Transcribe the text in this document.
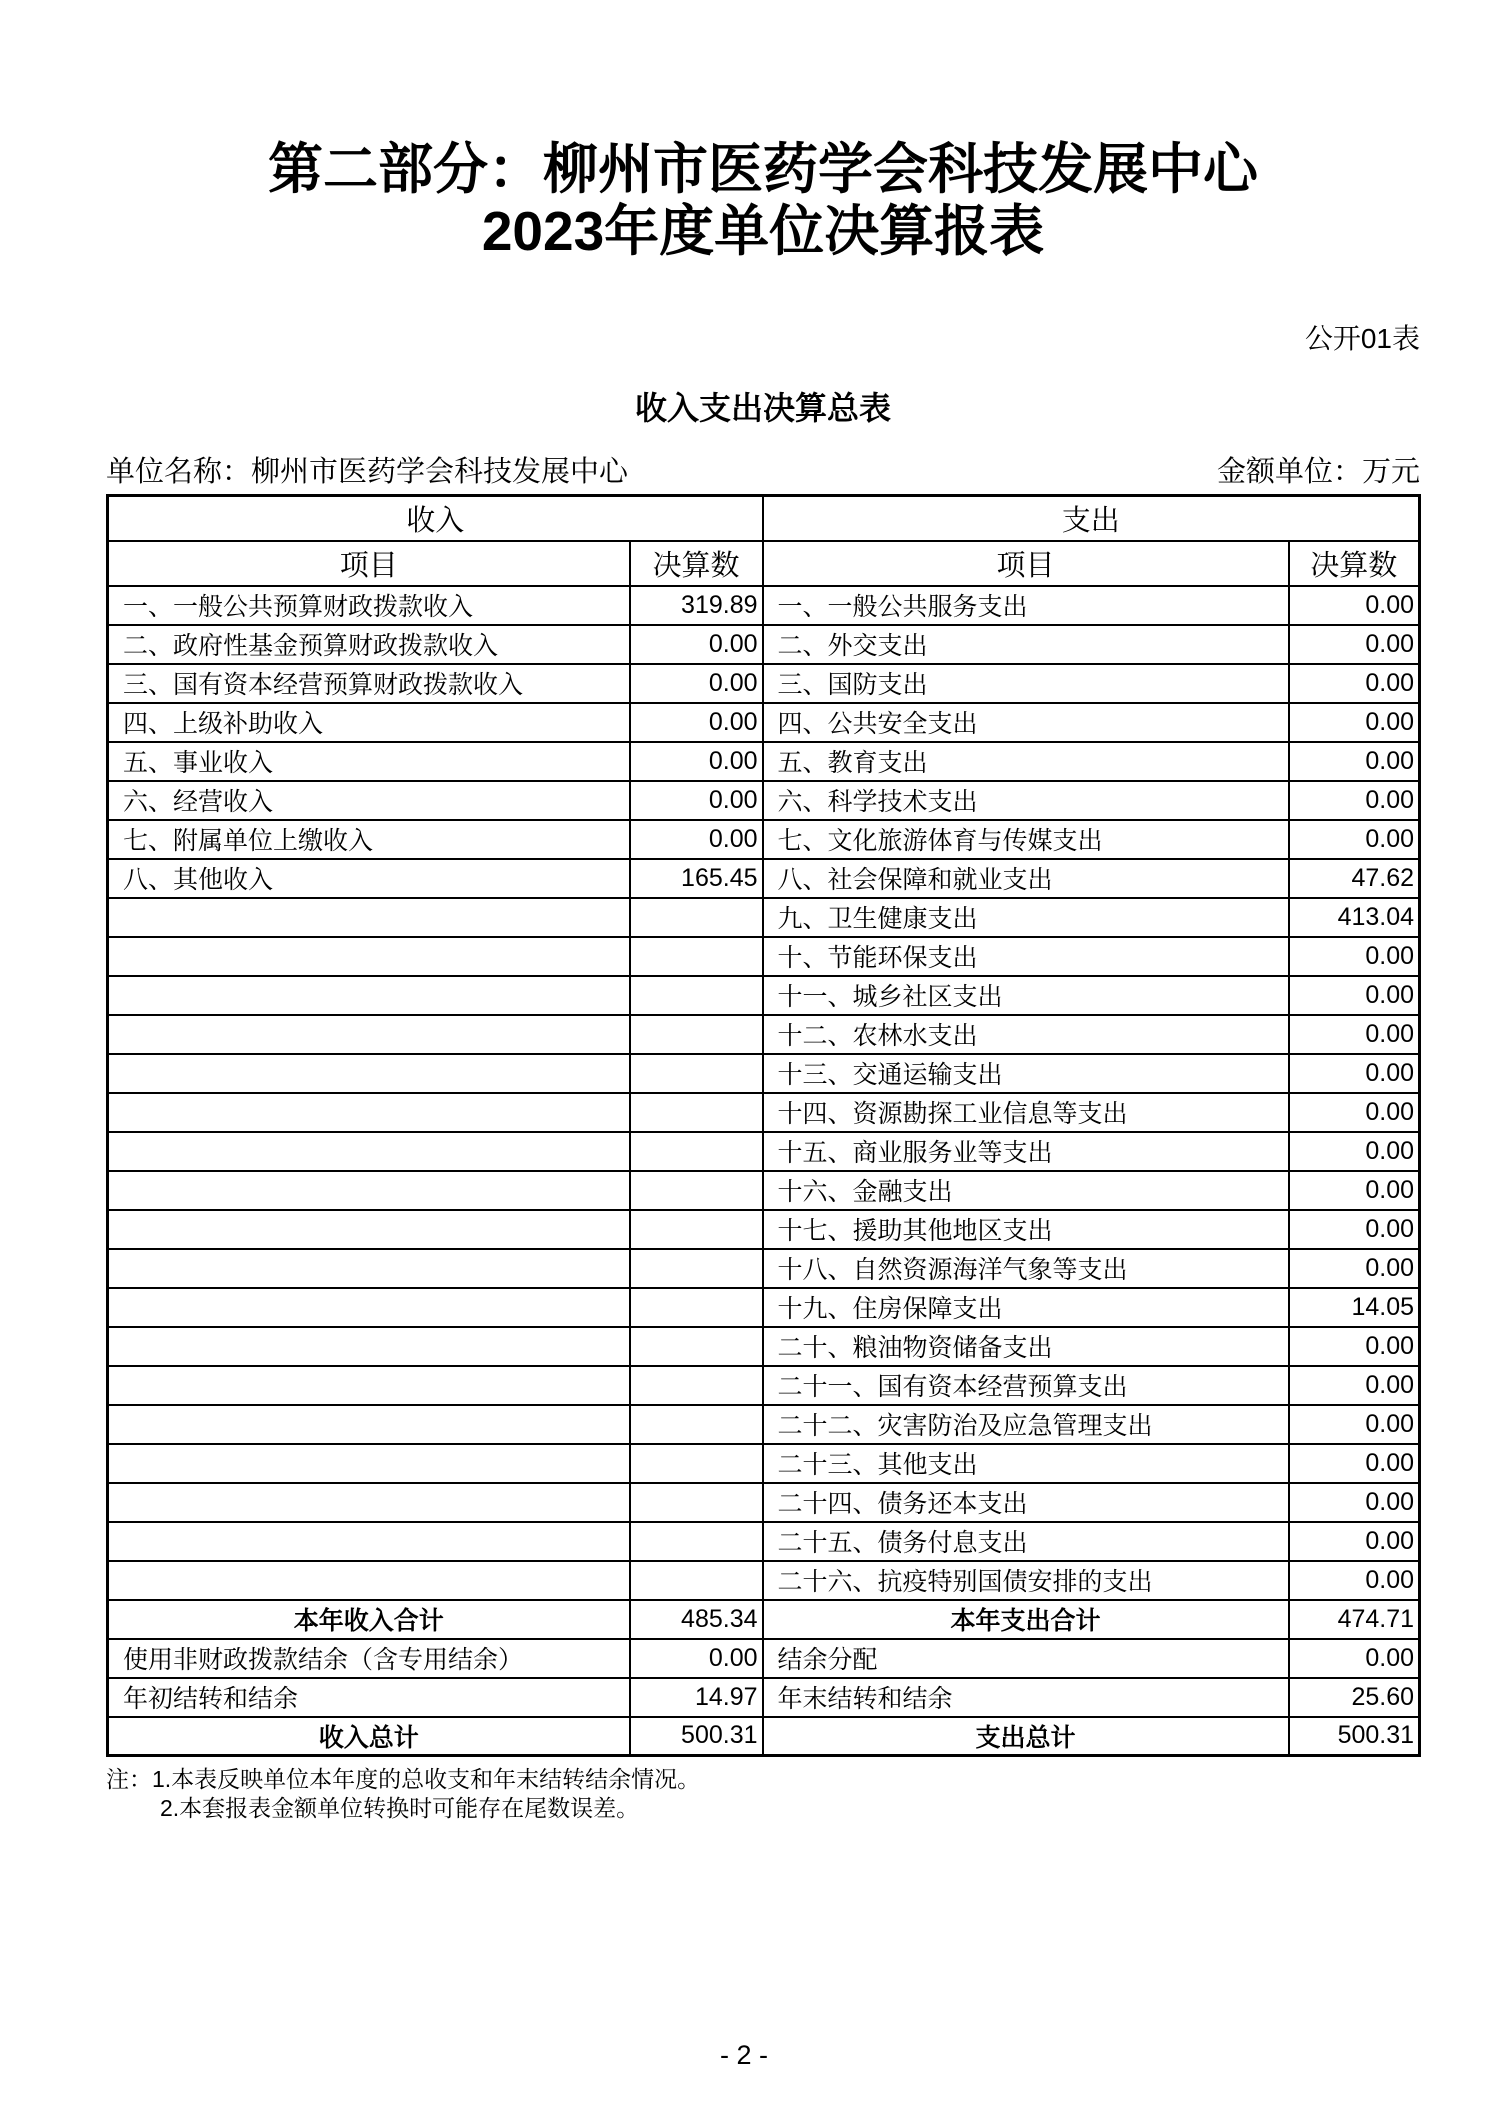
第二部分：柳州市医药学会科技发展中心
2023年度单位决算报表
公开01表
收入支出决算总表
单位名称：柳州市医药学会科技发展中心	金额单位：万元
收入		支出	
项目	决算数	项目	决算数
一、一般公共预算财政拨款收入	319.89	一、一般公共服务支出	0.00
二、政府性基金预算财政拨款收入	0.00	二、外交支出	0.00
三、国有资本经营预算财政拨款收入	0.00	三、国防支出	0.00
四、上级补助收入	0.00	四、公共安全支出	0.00
五、事业收入	0.00	五、教育支出	0.00
六、经营收入	0.00	六、科学技术支出	0.00
七、附属单位上缴收入	0.00	七、文化旅游体育与传媒支出	0.00
八、其他收入	165.45	八、社会保障和就业支出	47.62
		九、卫生健康支出	413.04
		十、节能环保支出	0.00
		十一、城乡社区支出	0.00
		十二、农林水支出	0.00
		十三、交通运输支出	0.00
		十四、资源勘探工业信息等支出	0.00
		十五、商业服务业等支出	0.00
		十六、金融支出	0.00
		十七、援助其他地区支出	0.00
		十八、自然资源海洋气象等支出	0.00
		十九、住房保障支出	14.05
		二十、粮油物资储备支出	0.00
		二十一、国有资本经营预算支出	0.00
		二十二、灾害防治及应急管理支出	0.00
		二十三、其他支出	0.00
		二十四、债务还本支出	0.00
		二十五、债务付息支出	0.00
		二十六、抗疫特别国债安排的支出	0.00
本年收入合计	485.34	本年支出合计	474.71
使用非财政拨款结余（含专用结余）	0.00	结余分配	0.00
年初结转和结余	14.97	年末结转和结余	25.60
收入总计	500.31	支出总计	500.31
注：1.本表反映单位本年度的总收支和年末结转结余情况。
2.本套报表金额单位转换时可能存在尾数误差。
- 2 -
